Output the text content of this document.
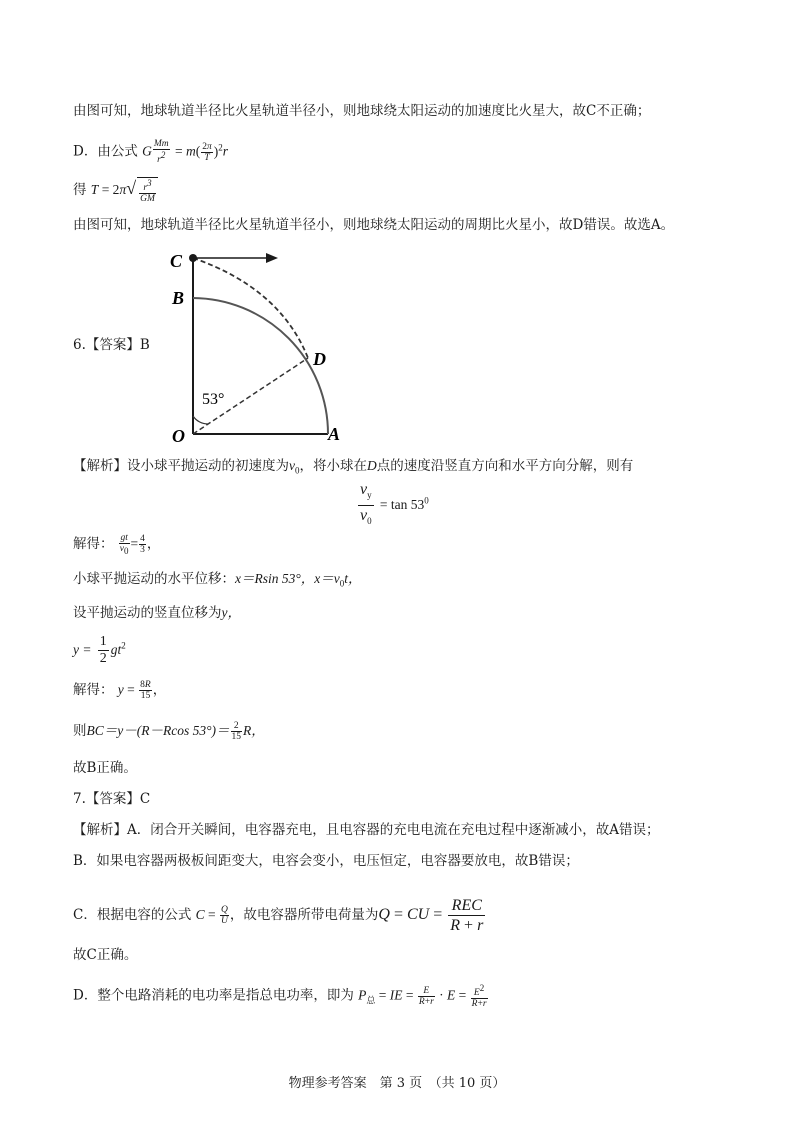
由图可知，地球轨道半径比火星轨道半径小，则地球绕太阳运动的加速度比火星大，故C不正确；
D．由公式 G $\frac{Mm}{r^2} = m( \frac{2\pi}{T} )^2r$
得 $T = 2\pi√ \frac{r^3}{GM}$
由图可知，地球轨道半径比火星轨道半径小，则地球绕太阳运动的周期比火星小，故D错误。故选A。
6.【答案】B
C
B
D
O	A
53°
【解析】设小球平抛运动的初速度为$v_0$，将小球在D点的速度沿竖直方向和水平方向分解，则有
$\frac{v_y}{v_0} = \tan 53^0$
解得： $\frac{gt}{v_0} = \frac{4}{3}$ ，
小球平抛运动的水平位移：x＝Rsin 53°，$x=v_0t$，
设平抛运动的竖直位移为y，
$y = \frac{1}{2} gt^2$
解得： $y = \frac{8R}{15}$ ，
则BC＝y－(R－Rcos $53^\circ)= \frac{2}{15}$ R，
故B正确。
7.【答案】C
【解析】A．闭合开关瞬间，电容器充电，且电容器的充电电流在充电过程中逐渐减小，故A错误；
B．如果电容器两极板间距变大，电容会变小，电压恒定，电容器要放电，故B错误；
C．根据电容的公式 $C = \frac{Q}{U}$ ，故电容器所带电荷量为Q = CU = $\frac{\text{REC}}{R + r}$
故C正确。
D．整个电路消耗的电功率是指总电功率，即为 $P_总$ = IE = $\frac{E}{R+r} \cdot E = \frac{E^2}{R+r}$
物理参考答案　第 3 页　（共 10 页）
